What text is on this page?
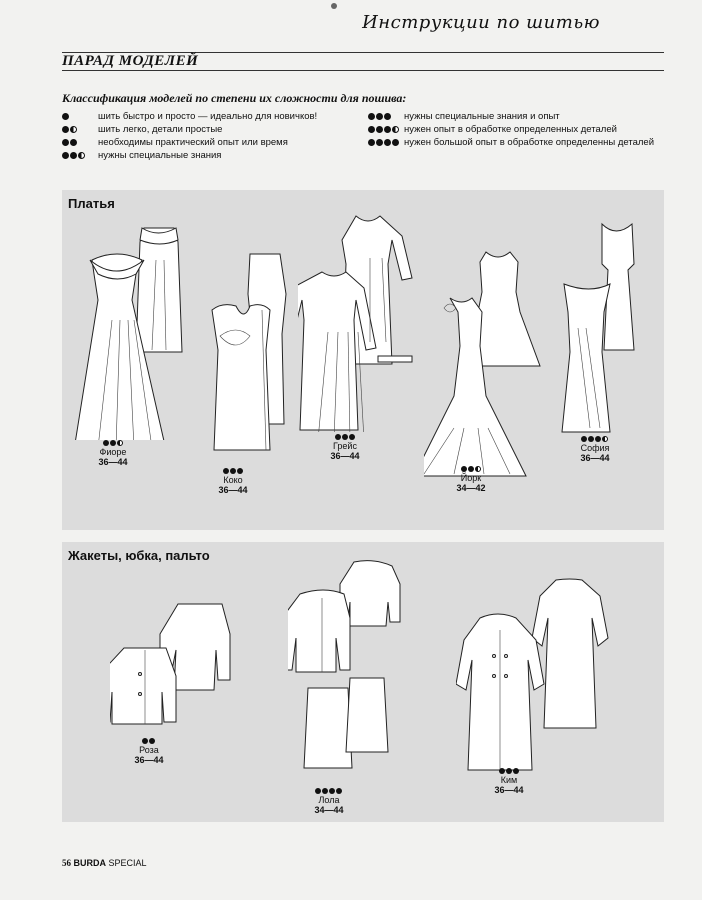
Инструкции по шитью
ПАРАД МОДЕЛЕЙ
Классификация моделей по степени их сложности для пошива:
шить быстро и просто — идеально для новичков!
шить легко, детали простые
необходимы практический опыт или время
нужны специальные знания
нужны специальные знания и опыт
нужен опыт в обработке определенных деталей
нужен большой опыт в обработке определенны деталей
Платья
Фиоре
36—44
Коко
36—44
Грейс
36—44
Йорк
34—42
София
36—44
Жакеты, юбка, пальто
Роза
36—44
Лола
34—44
Ким
36—44
56 BURDA SPECIAL
